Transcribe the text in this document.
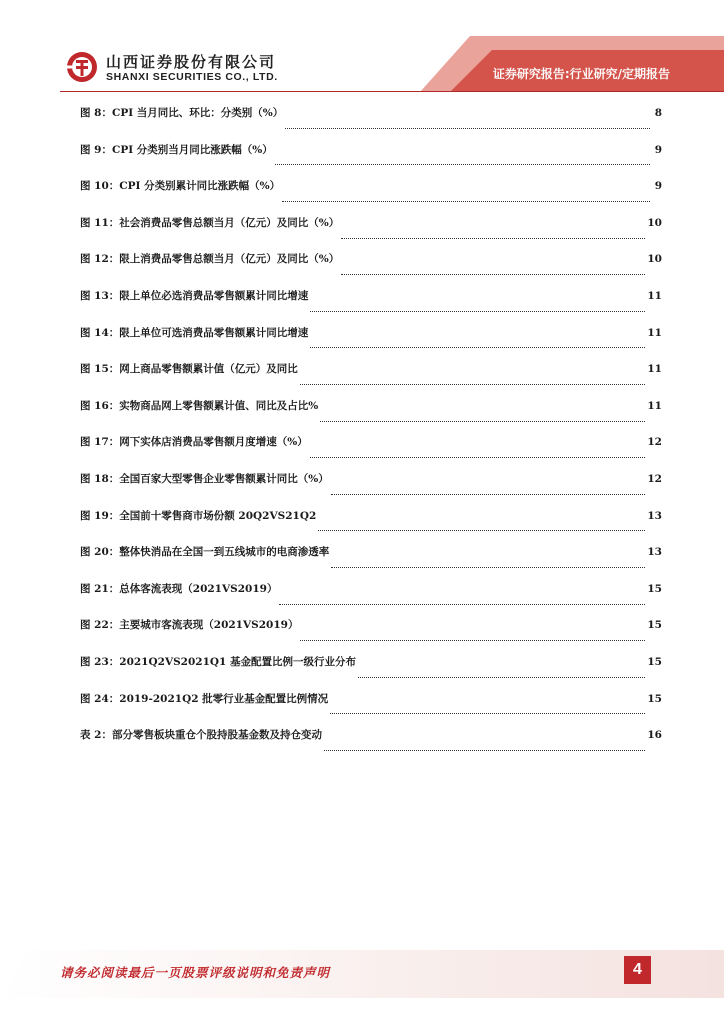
山西证券股份有限公司
SHANXI SECURITIES CO., LTD.	证券研究报告:行业研究/定期报告
图 8：CPI 当月同比、环比：分类别（%）	8
图 9：CPI 分类别当月同比涨跌幅（%）	9
图 10：CPI 分类别累计同比涨跌幅（%）	9
图 11：社会消费品零售总额当月（亿元）及同比（%）	10
图 12：限上消费品零售总额当月（亿元）及同比（%）	10
图 13：限上单位必选消费品零售额累计同比增速	11
图 14：限上单位可选消费品零售额累计同比增速	11
图 15：网上商品零售额累计值（亿元）及同比	11
图 16：实物商品网上零售额累计值、同比及占比%	11
图 17：网下实体店消费品零售额月度增速（%）	12
图 18：全国百家大型零售企业零售额累计同比（%）	12
图 19：全国前十零售商市场份额 20Q2VS21Q2	13
图 20：整体快消品在全国一到五线城市的电商渗透率	13
图 21：总体客流表现（2021VS2019）	15
图 22：主要城市客流表现（2021VS2019）	15
图 23：2021Q2VS2021Q1 基金配置比例一级行业分布	15
图 24：2019-2021Q2 批零行业基金配置比例情况	15
表 2：部分零售板块重仓个股持股基金数及持仓变动	16
请务必阅读最后一页股票评级说明和免责声明	4
